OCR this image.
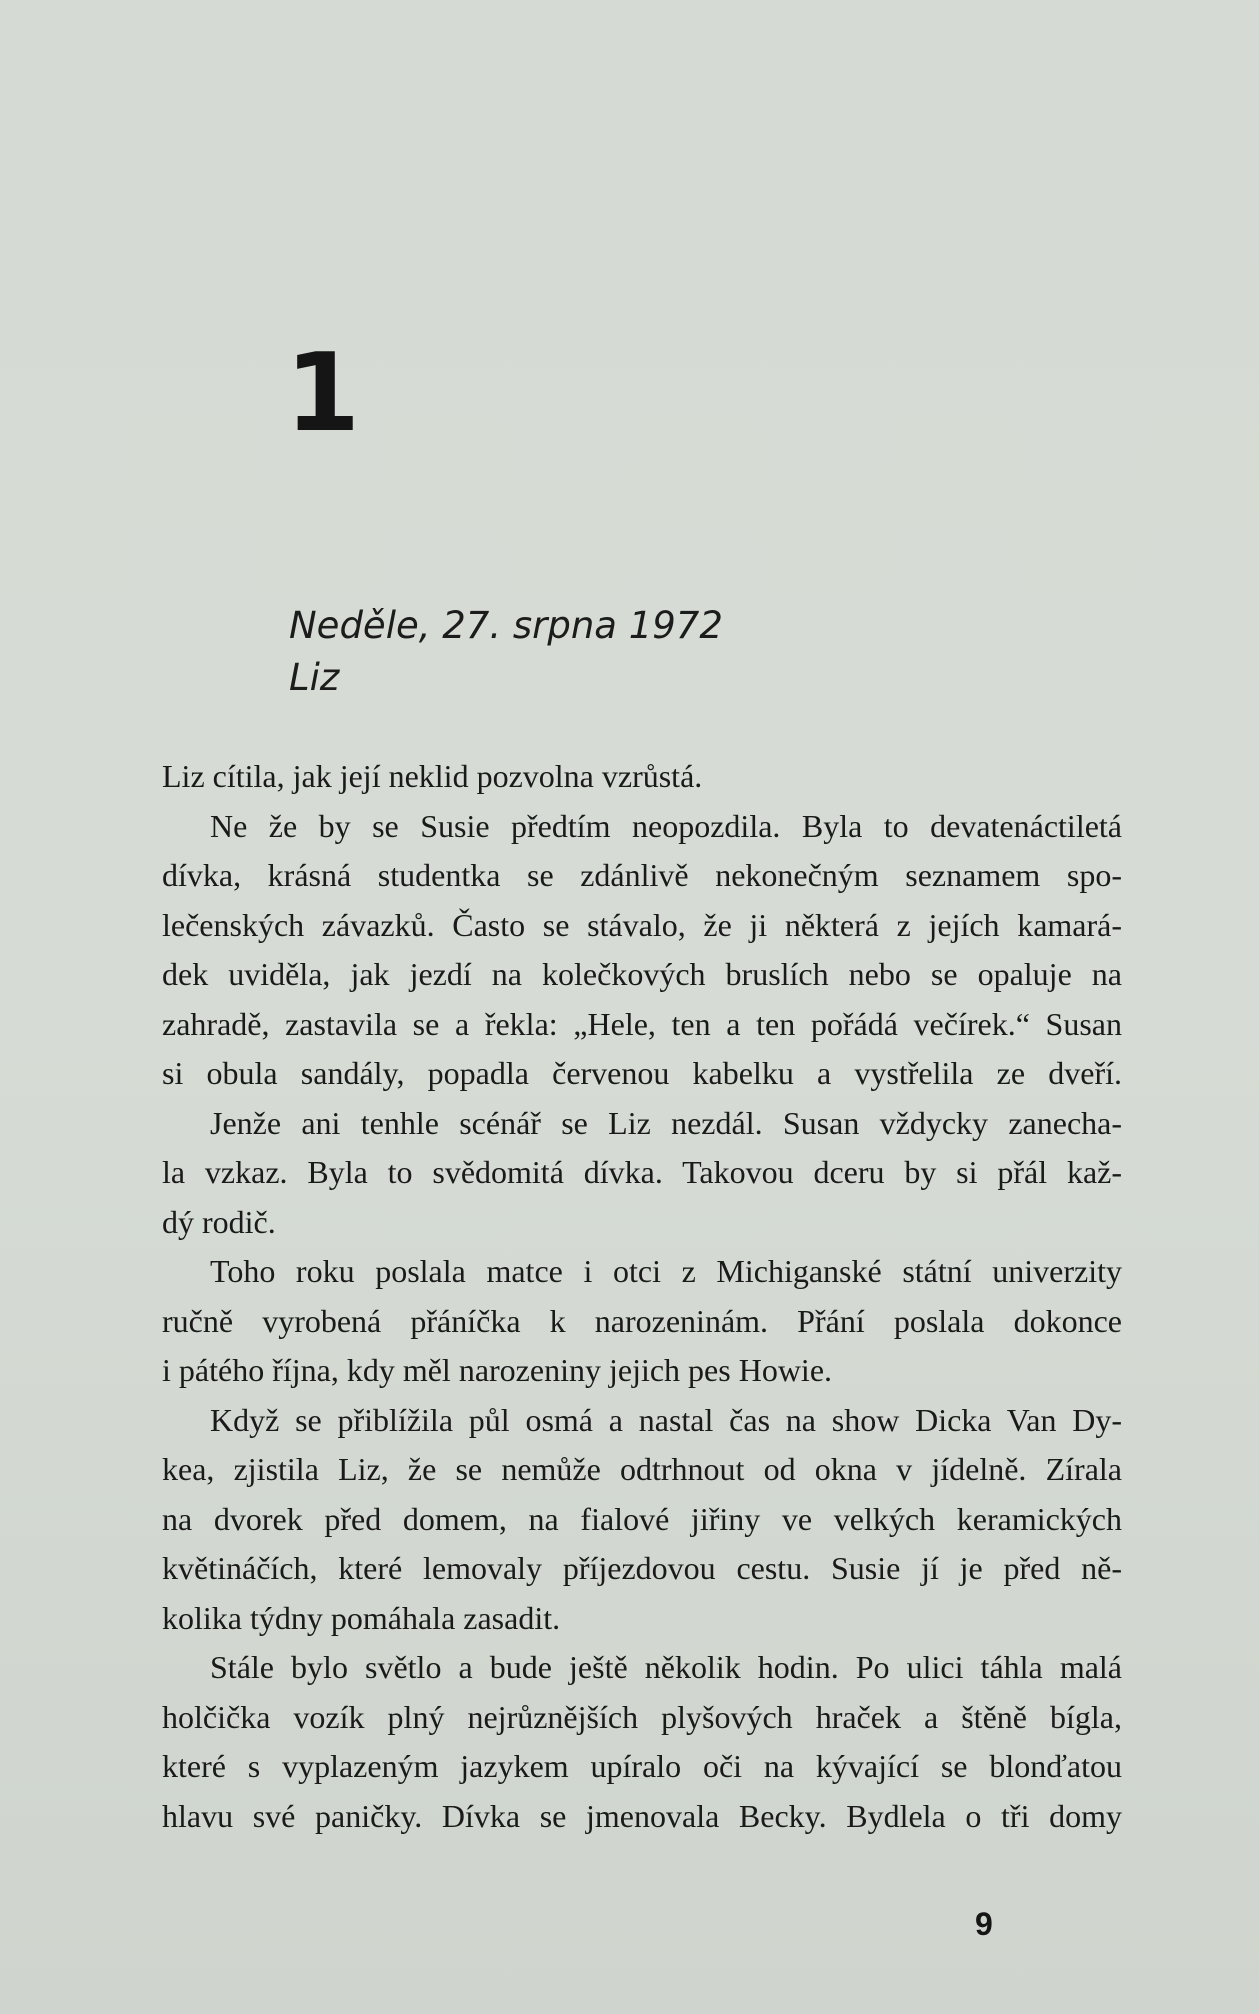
1
Neděle, 27. srpna 1972
Liz
Liz cítila, jak její neklid pozvolna vzrůstá.
Ne že by se Susie předtím neopozdila. Byla to devatenáctiletá
dívka, krásná studentka se zdánlivě nekonečným seznamem spo-
lečenských závazků. Často se stávalo, že ji některá z jejích kamará-
dek uviděla, jak jezdí na kolečkových bruslích nebo se opaluje na
zahradě, zastavila se a řekla: „Hele, ten a ten pořádá večírek.“ Susan
si obula sandály, popadla červenou kabelku a vystřelila ze dveří.
Jenže ani tenhle scénář se Liz nezdál. Susan vždycky zanecha-
la vzkaz. Byla to svědomitá dívka. Takovou dceru by si přál kaž-
dý rodič.
Toho roku poslala matce i otci z Michiganské státní univerzity
ručně vyrobená přáníčka k narozeninám. Přání poslala dokonce
i pátého října, kdy měl narozeniny jejich pes Howie.
Když se přiblížila půl osmá a nastal čas na show Dicka Van Dy-
kea, zjistila Liz, že se nemůže odtrhnout od okna v jídelně. Zírala
na dvorek před domem, na fialové jiřiny ve velkých keramických
květináčích, které lemovaly příjezdovou cestu. Susie jí je před ně-
kolika týdny pomáhala zasadit.
Stále bylo světlo a bude ještě několik hodin. Po ulici táhla malá
holčička vozík plný nejrůznějších plyšových hraček a štěně bígla,
které s vyplazeným jazykem upíralo oči na kývající se blonďatou
hlavu své paničky. Dívka se jmenovala Becky. Bydlela o tři domy
9
